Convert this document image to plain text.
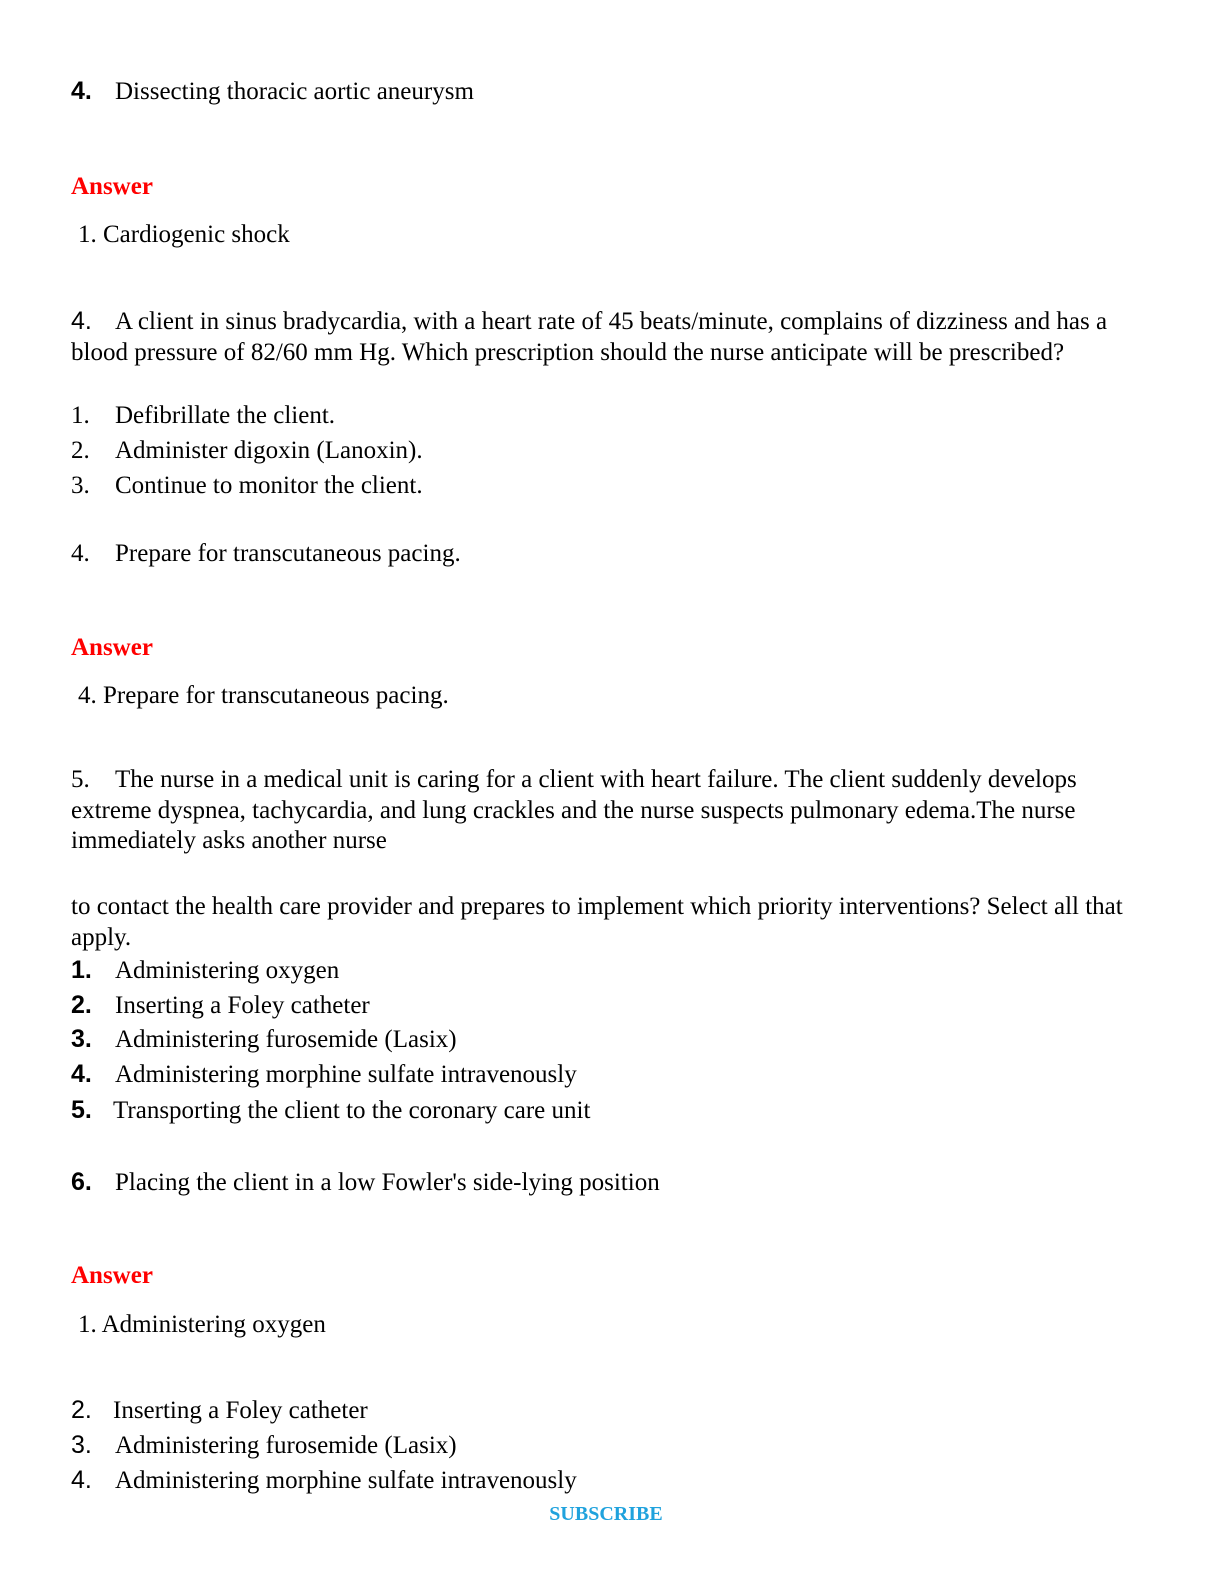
4. Dissecting thoracic aortic aneurysm
Answer
1. Cardiogenic shock
4. A client in sinus bradycardia, with a heart rate of 45 beats/minute, complains of dizziness and has a blood pressure of 82/60 mm Hg. Which prescription should the nurse anticipate will be prescribed?
1. Defibrillate the client.
2. Administer digoxin (Lanoxin).
3. Continue to monitor the client.
4. Prepare for transcutaneous pacing.
Answer
4. Prepare for transcutaneous pacing.
5. The nurse in a medical unit is caring for a client with heart failure. The client suddenly develops extreme dyspnea, tachycardia, and lung crackles and the nurse suspects pulmonary edema.The nurse immediately asks another nurse
to contact the health care provider and prepares to implement which priority interventions? Select all that apply.
1. Administering oxygen
2. Inserting a Foley catheter
3. Administering furosemide (Lasix)
4. Administering morphine sulfate intravenously
5. Transporting the client to the coronary care unit
6. Placing the client in a low Fowler's side-lying position
Answer
1. Administering oxygen
2. Inserting a Foley catheter
3. Administering furosemide (Lasix)
4. Administering morphine sulfate intravenously
SUBSCRIBE
